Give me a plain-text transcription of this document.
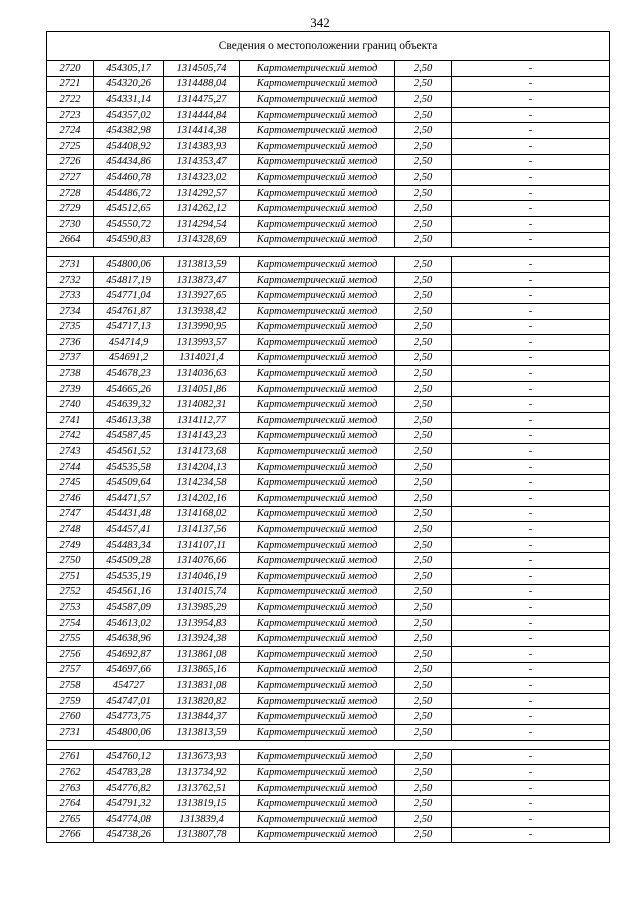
342
Сведения о местоположении границ объекта					
2720	454305,17	1314505,74	Картометрический метод	2,50	-
2721	454320,26	1314488,04	Картометрический метод	2,50	-
2722	454331,14	1314475,27	Картометрический метод	2,50	-
2723	454357,02	1314444,84	Картометрический метод	2,50	-
2724	454382,98	1314414,38	Картометрический метод	2,50	-
2725	454408,92	1314383,93	Картометрический метод	2,50	-
2726	454434,86	1314353,47	Картометрический метод	2,50	-
2727	454460,78	1314323,02	Картометрический метод	2,50	-
2728	454486,72	1314292,57	Картометрический метод	2,50	-
2729	454512,65	1314262,12	Картометрический метод	2,50	-
2730	454550,72	1314294,54	Картометрический метод	2,50	-
2664	454590,83	1314328,69	Картометрический метод	2,50	-

2731	454800,06	1313813,59	Картометрический метод	2,50	-
2732	454817,19	1313873,47	Картометрический метод	2,50	-
2733	454771,04	1313927,65	Картометрический метод	2,50	-
2734	454761,87	1313938,42	Картометрический метод	2,50	-
2735	454717,13	1313990,95	Картометрический метод	2,50	-
2736	454714,9	1313993,57	Картометрический метод	2,50	-
2737	454691,2	1314021,4	Картометрический метод	2,50	-
2738	454678,23	1314036,63	Картометрический метод	2,50	-
2739	454665,26	1314051,86	Картометрический метод	2,50	-
2740	454639,32	1314082,31	Картометрический метод	2,50	-
2741	454613,38	1314112,77	Картометрический метод	2,50	-
2742	454587,45	1314143,23	Картометрический метод	2,50	-
2743	454561,52	1314173,68	Картометрический метод	2,50	-
2744	454535,58	1314204,13	Картометрический метод	2,50	-
2745	454509,64	1314234,58	Картометрический метод	2,50	-
2746	454471,57	1314202,16	Картометрический метод	2,50	-
2747	454431,48	1314168,02	Картометрический метод	2,50	-
2748	454457,41	1314137,56	Картометрический метод	2,50	-
2749	454483,34	1314107,11	Картометрический метод	2,50	-
2750	454509,28	1314076,66	Картометрический метод	2,50	-
2751	454535,19	1314046,19	Картометрический метод	2,50	-
2752	454561,16	1314015,74	Картометрический метод	2,50	-
2753	454587,09	1313985,29	Картометрический метод	2,50	-
2754	454613,02	1313954,83	Картометрический метод	2,50	-
2755	454638,96	1313924,38	Картометрический метод	2,50	-
2756	454692,87	1313861,08	Картометрический метод	2,50	-
2757	454697,66	1313865,16	Картометрический метод	2,50	-
2758	454727	1313831,08	Картометрический метод	2,50	-
2759	454747,01	1313820,82	Картометрический метод	2,50	-
2760	454773,75	1313844,37	Картометрический метод	2,50	-
2731	454800,06	1313813,59	Картометрический метод	2,50	-

2761	454760,12	1313673,93	Картометрический метод	2,50	-
2762	454783,28	1313734,92	Картометрический метод	2,50	-
2763	454776,82	1313762,51	Картометрический метод	2,50	-
2764	454791,32	1313819,15	Картометрический метод	2,50	-
2765	454774,08	1313839,4	Картометрический метод	2,50	-
2766	454738,26	1313807,78	Картометрический метод	2,50	-
